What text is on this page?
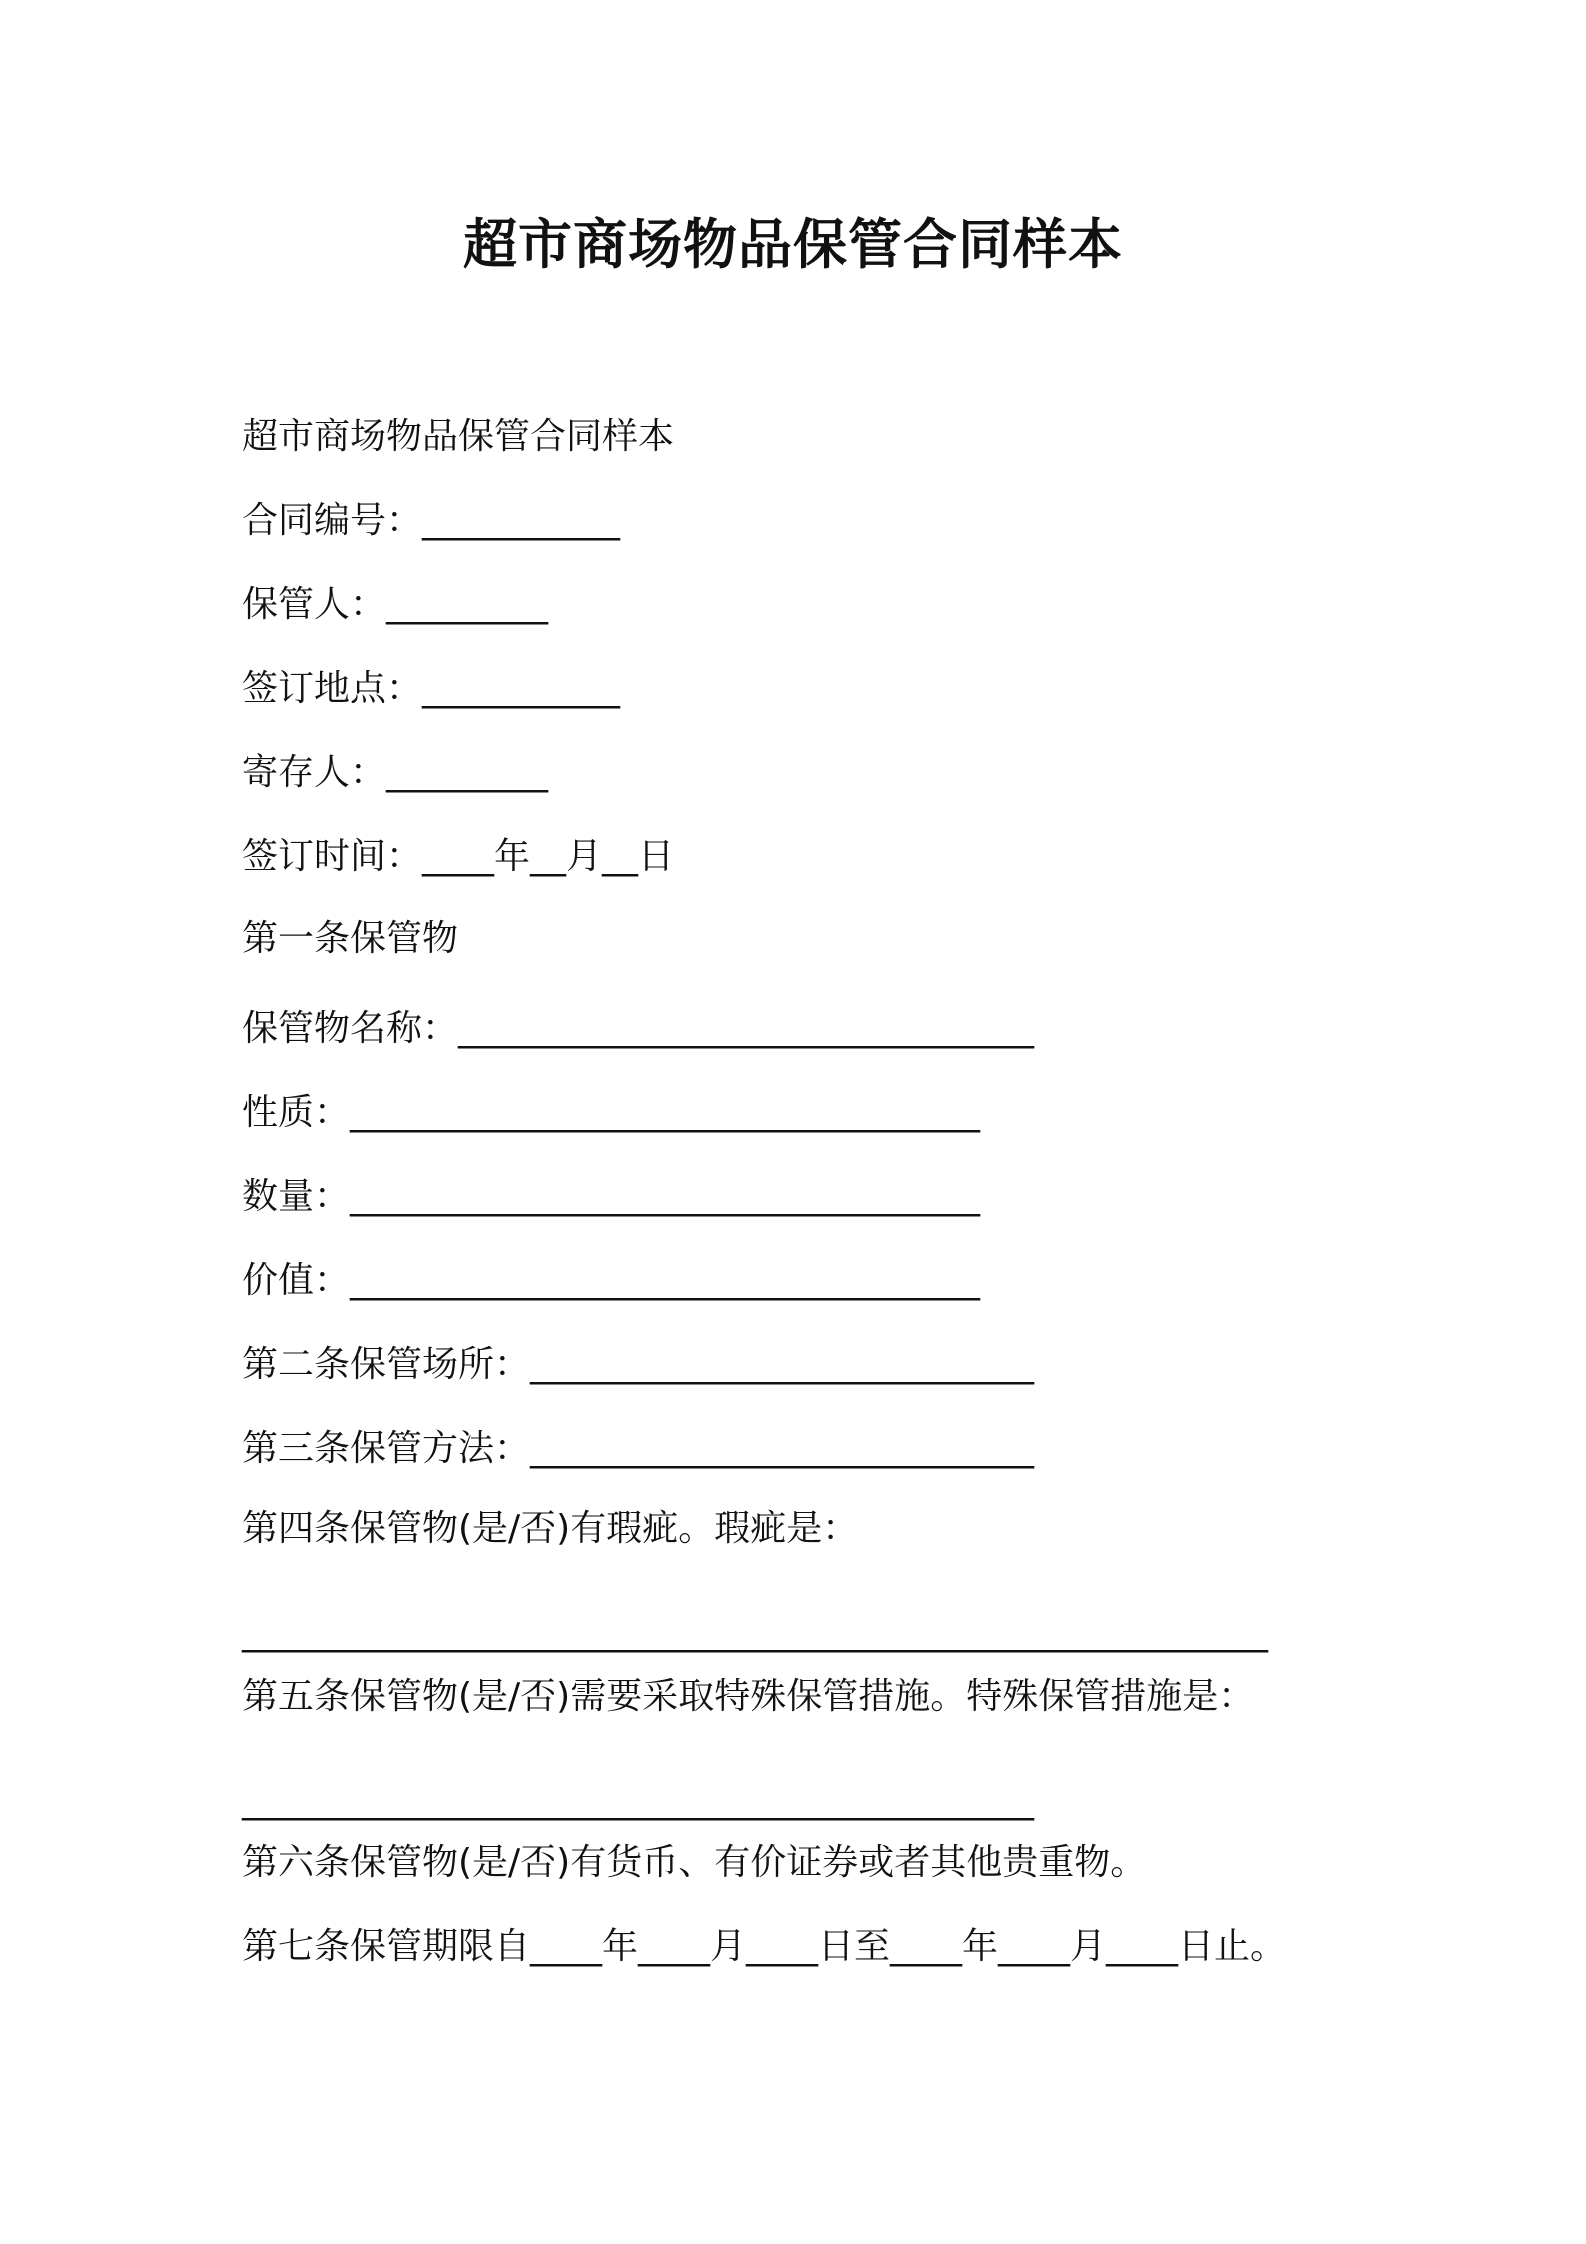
超市商场物品保管合同样本
超市商场物品保管合同样本
合同编号：___________
保管人：_________
签订地点：___________
寄存人：_________
签订时间：____年__月__日
第一条保管物
保管物名称：________________________________
性质：___________________________________
数量：___________________________________
价值：___________________________________
第二条保管场所：____________________________
第三条保管方法：____________________________
第四条保管物(是/否)有瑕疵。瑕疵是：
_________________________________________________________
第五条保管物(是/否)需要采取特殊保管措施。特殊保管措施是：
____________________________________________
第六条保管物(是/否)有货币、有价证券或者其他贵重物。
第七条保管期限自____年____月____日至____年____月____日止。
